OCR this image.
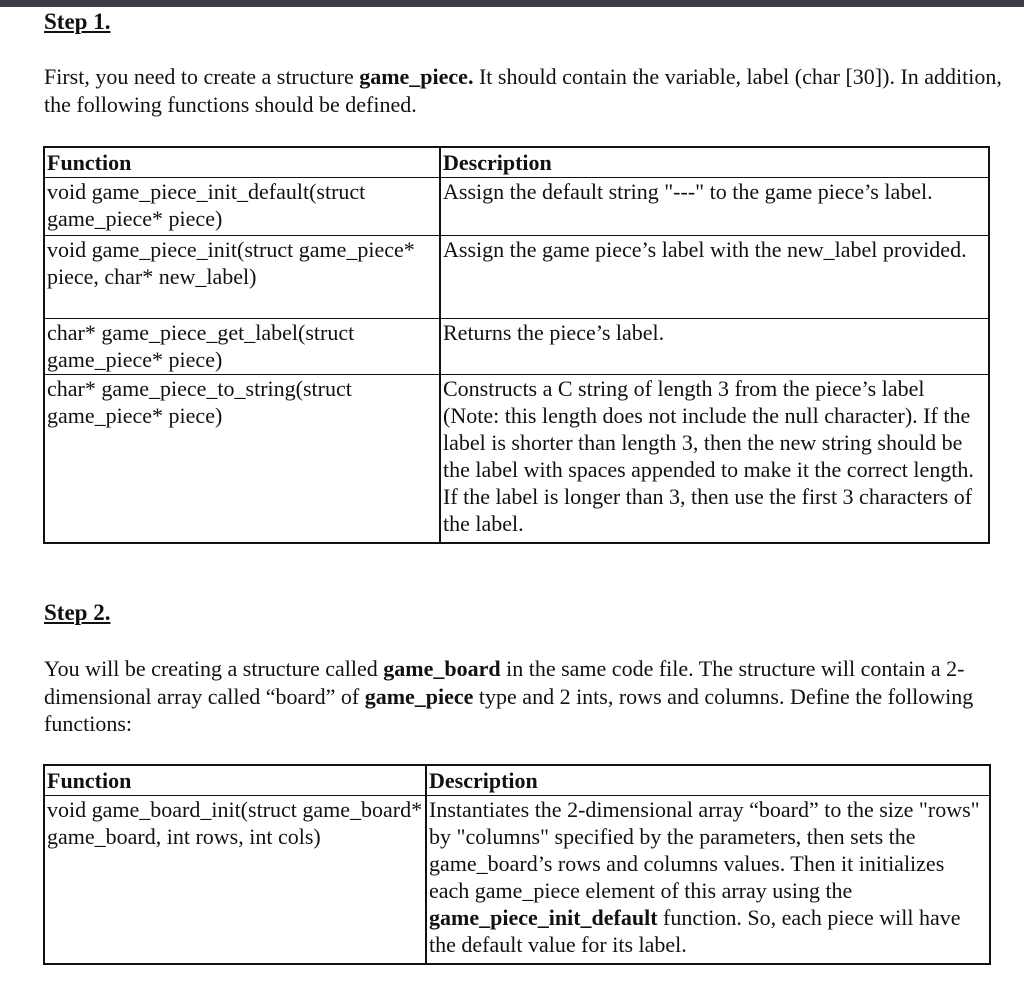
Step 1.

First, you need to create a structure game_piece. It should contain the variable, label (char [30]). In addition, the following functions should be defined.

Function	Description
void game_piece_init_default(struct game_piece* piece)
Assign the default string "---" to the game piece’s label.
void game_piece_init(struct game_piece* piece, char* new_label)
Assign the game piece’s label with the new_label provided.
char* game_piece_get_label(struct game_piece* piece)
Returns the piece’s label.
char* game_piece_to_string(struct game_piece* piece)
Constructs a C string of length 3 from the piece’s label (Note: this length does not include the null character). If the label is shorter than length 3, then the new string should be the label with spaces appended to make it the correct length. If the label is longer than 3, then use the first 3 characters of the label.
Step 2.

You will be creating a structure called game_board in the same code file. The structure will contain a 2-dimensional array called “board” of game_piece type and 2 ints, rows and columns. Define the following functions:

Function	Description
void game_board_init(struct game_board* game_board, int rows, int cols)
Instantiates the 2-dimensional array “board” to the size "rows" by "columns" specified by the parameters, then sets the game_board’s rows and columns values. Then it initializes each game_piece element of this array using the game_piece_init_default function. So, each piece will have the default value for its label.
